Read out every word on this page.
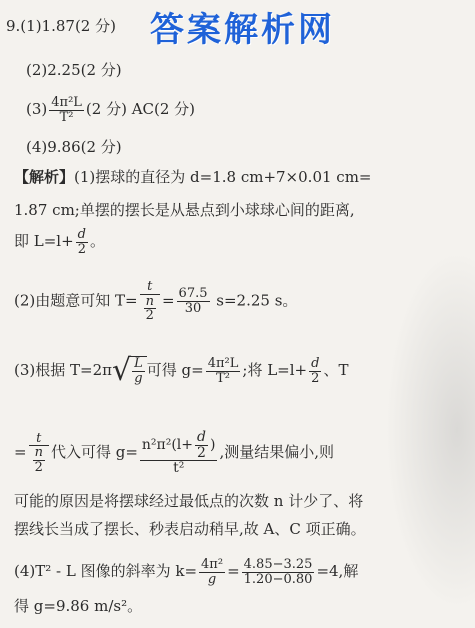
答案解析网
9.(1)1.87(2 分)
(2)2.25(2 分)
$(3) \frac{\text{4π²L}}{\text{T²}} (2$ 分) AC(2 分)
(4)9.86(2 分)
【解析】(1)摆球的直径为 d=1.8 cm+7×0.01 cm=
1.87 cm;单摆的摆长是从悬点到小球球心间的距离,
即 $L=l+ \frac{d}{2}$ 。
(2)由题意可知 $T= \frac{t}{\frac{n}{2}} = \frac{67.5}{30} s=2.25$ s。
(3)根据 $T=2\pi√ \frac{L}{g}$ 可得 $g= \frac{\text{4π²L}}{\text{T²}}$ ;将 $L=l+ \frac{d}{2}$ 、T
= $\frac{t}{\frac{n}{2}}$ 代入可得 $g= \frac{n^2\pi^2(l+ \frac{d}{2} )}{\text{t²}}$ ,测量结果偏小,则
可能的原因是将摆球经过最低点的次数 n 计少了、将
摆线长当成了摆长、秒表启动稍早,故 A、C 项正确。
(4)T² - L 图像的斜率为 $k= \frac{\text{4π²}}{g} = \frac{4.85-3.25}{1.20-0.80} =4$,解
得 g=9.86 m/s²。
